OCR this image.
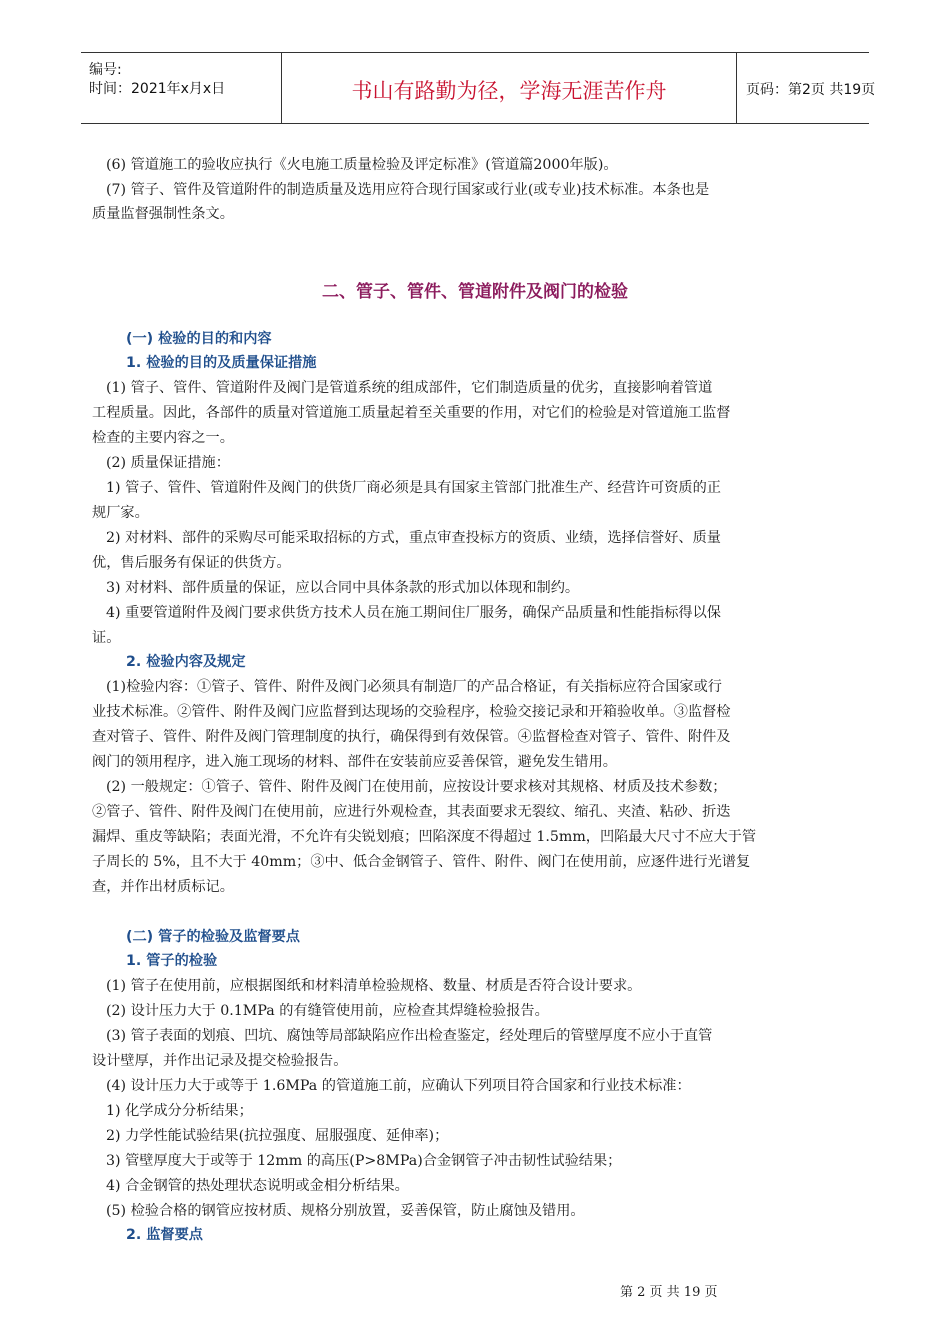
编号:
时间：2021年x月x日	书山有路勤为径，学海无涯苦作舟	页码：第2页 共19页
(6) 管道施工的验收应执行《火电施工质量检验及评定标准》(管道篇2000年版)。
(7) 管子、管件及管道附件的制造质量及选用应符合现行国家或行业(或专业)技术标准。本条也是
质量监督强制性条文。
二、管子、管件、管道附件及阀门的检验
(一) 检验的目的和内容
1. 检验的目的及质量保证措施
(1) 管子、管件、管道附件及阀门是管道系统的组成部件，它们制造质量的优劣，直接影响着管道
工程质量。因此，各部件的质量对管道施工质量起着至关重要的作用，对它们的检验是对管道施工监督
检查的主要内容之一。
(2) 质量保证措施：
1) 管子、管件、管道附件及阀门的供货厂商必须是具有国家主管部门批准生产、经营许可资质的正
规厂家。
2) 对材料、部件的采购尽可能采取招标的方式，重点审查投标方的资质、业绩，选择信誉好、质量
优，售后服务有保证的供货方。
3) 对材料、部件质量的保证，应以合同中具体条款的形式加以体现和制约。
4) 重要管道附件及阀门要求供货方技术人员在施工期间住厂服务，确保产品质量和性能指标得以保
证。
2. 检验内容及规定
(1)检验内容：①管子、管件、附件及阀门必须具有制造厂的产品合格证，有关指标应符合国家或行
业技术标准。②管件、附件及阀门应监督到达现场的交验程序，检验交接记录和开箱验收单。③监督检
查对管子、管件、附件及阀门管理制度的执行，确保得到有效保管。④监督检查对管子、管件、附件及
阀门的领用程序，进入施工现场的材料、部件在安装前应妥善保管，避免发生错用。
(2) 一般规定：①管子、管件、附件及阀门在使用前，应按设计要求核对其规格、材质及技术参数；
②管子、管件、附件及阀门在使用前，应进行外观检查，其表面要求无裂纹、缩孔、夹渣、粘砂、折迭
漏焊、重皮等缺陷；表面光滑，不允许有尖锐划痕；凹陷深度不得超过 1.5mm，凹陷最大尺寸不应大于管
子周长的 5%，且不大于 40mm；③中、低合金钢管子、管件、附件、阀门在使用前，应逐件进行光谱复
查，并作出材质标记。
(二) 管子的检验及监督要点
1. 管子的检验
(1) 管子在使用前，应根据图纸和材料清单检验规格、数量、材质是否符合设计要求。
(2) 设计压力大于 0.1MPa 的有缝管使用前，应检查其焊缝检验报告。
(3) 管子表面的划痕、凹坑、腐蚀等局部缺陷应作出检查鉴定，经处理后的管壁厚度不应小于直管
设计壁厚，并作出记录及提交检验报告。
(4) 设计压力大于或等于 1.6MPa 的管道施工前，应确认下列项目符合国家和行业技术标准：
1) 化学成分分析结果；
2) 力学性能试验结果(抗拉强度、屈服强度、延伸率)；
3) 管壁厚度大于或等于 12mm 的高压(P>8MPa)合金钢管子冲击韧性试验结果；
4) 合金钢管的热处理状态说明或金相分析结果。
(5) 检验合格的钢管应按材质、规格分别放置，妥善保管，防止腐蚀及错用。
2. 监督要点
第 2 页 共 19 页
